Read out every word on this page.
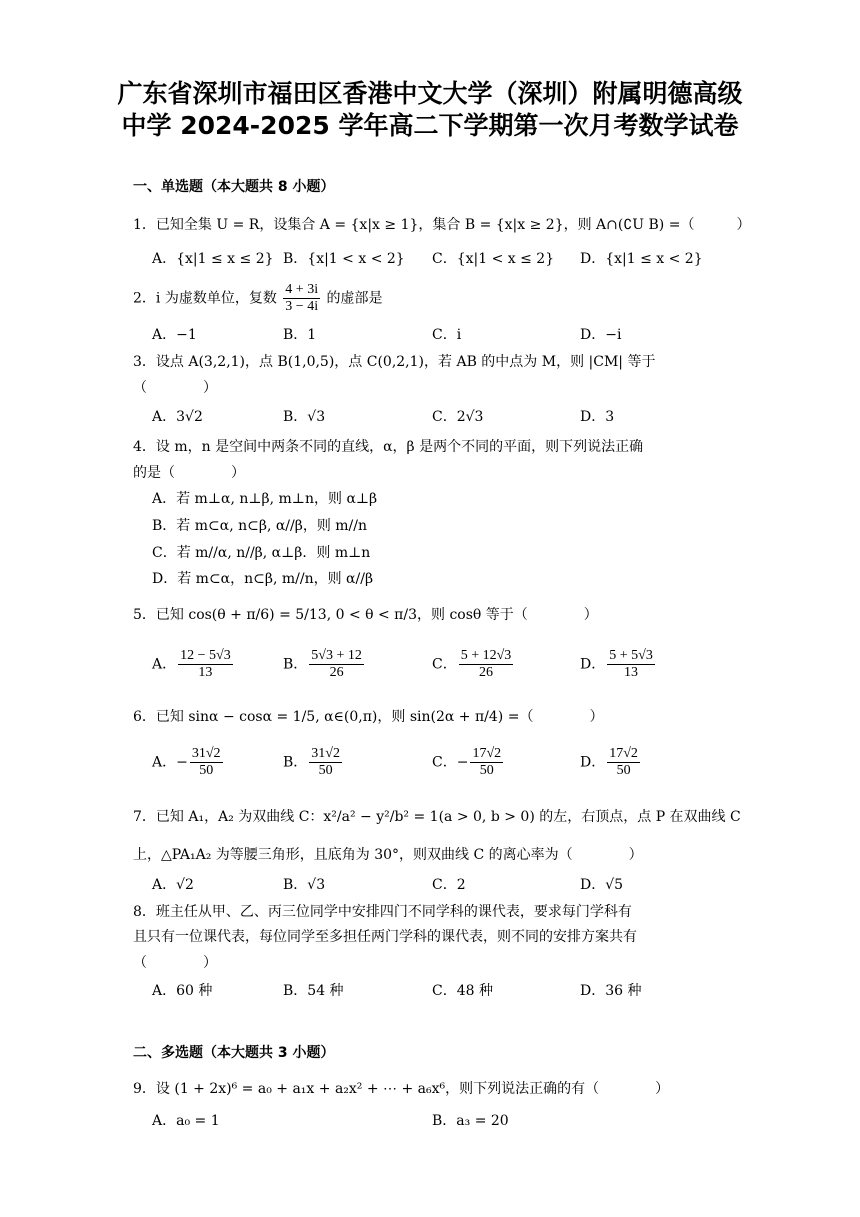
广东省深圳市福田区香港中文大学（深圳）附属明德高级
中学 2024-2025 学年高二下学期第一次月考数学试卷
一、单选题（本大题共 8 小题）
1．已知全集 U = R，设集合 A = {x|x ≥ 1}，集合 B = {x|x ≥ 2}，则 A∩(∁U B) =（　　　）
A．{x|1 ≤ x ≤ 2} B．{x|1 < x < 2} C．{x|1 < x ≤ 2} D．{x|1 ≤ x < 2}
2．i 为虚数单位，复数 $\frac{4 + 3i}{3 - 4i}$ 的虚部是
A．−1	B．1	C．i	D．−i
3．设点 A(3,2,1)，点 B(1,0,5)，点 C(0,2,1)，若 AB 的中点为 M，则 |CM| 等于
（　　　　）
A．3√2	B．√3	C．2√3	D．3
4．设 m，n 是空间中两条不同的直线，α，β 是两个不同的平面，则下列说法正确
的是（　　　　）
A．若 m⊥α, n⊥β, m⊥n，则 α⊥β
B．若 m⊂α, n⊂β, α//β，则 m//n
C．若 m//α, n//β, α⊥β．则 m⊥n
D．若 m⊂α，n⊂β, m//n，则 α//β
5．已知 cos(θ + π/6) = 5/13, 0 < θ < π/3，则 cosθ 等于（　　　　）
A． $\frac{12 - 5√3}{13}$	B． $\frac{5√3 + 12}{26}$	C． $\frac{5 + 12√3}{26}$	D． $\frac{5 + 5√3}{13}$
6．已知 sinα − cosα = 1/5, α∈(0,π)，则 sin(2α + π/4) =（　　　　）
A．− $\frac{31√2}{50}$	B． $\frac{31√2}{50}$	C．− $\frac{17√2}{50}$	D． $\frac{17√2}{50}$
7．已知 A₁，A₂ 为双曲线 C：x²/a² − y²/b² = 1(a > 0, b > 0) 的左，右顶点，点 P 在双曲线 C
上，△PA₁A₂ 为等腰三角形，且底角为 30°，则双曲线 C 的离心率为（　　　　）
A．√2	B．√3	C．2	D．√5
8．班主任从甲、乙、丙三位同学中安排四门不同学科的课代表，要求每门学科有
且只有一位课代表，每位同学至多担任两门学科的课代表，则不同的安排方案共有
（　　　　）
A．60 种	B．54 种	C．48 种	D．36 种
二、多选题（本大题共 3 小题）
9．设 (1 + 2x)⁶ = a₀ + a₁x + a₂x² + ⋯ + a₆x⁶，则下列说法正确的有（　　　　）
A．a₀ = 1	B．a₃ = 20
